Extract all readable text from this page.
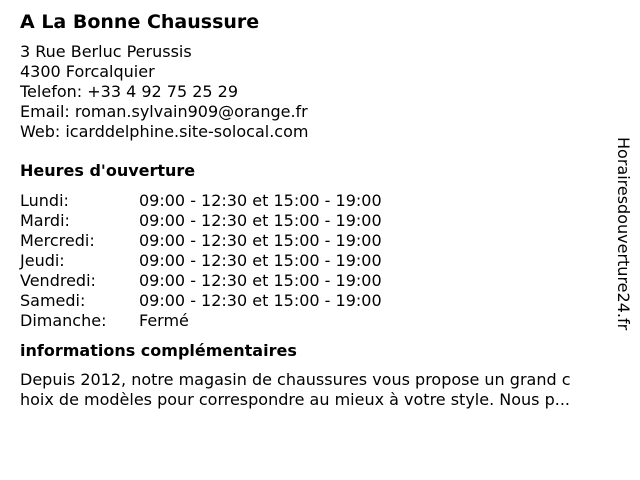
A La Bonne Chaussure
3 Rue Berluc Perussis
4300 Forcalquier
Telefon: +33 4 92 75 25 29
Email: roman.sylvain909@orange.fr
Web: icarddelphine.site-solocal.com
Heures d'ouverture
Lundi:	09:00 - 12:30 et 15:00 - 19:00
Mardi:	09:00 - 12:30 et 15:00 - 19:00
Mercredi:	09:00 - 12:30 et 15:00 - 19:00
Jeudi:	09:00 - 12:30 et 15:00 - 19:00
Vendredi:	09:00 - 12:30 et 15:00 - 19:00
Samedi:	09:00 - 12:30 et 15:00 - 19:00
Dimanche: Fermé
informations complémentaires
Depuis 2012, notre magasin de chaussures vous propose un grand c
hoix de modèles pour correspondre au mieux à votre style. Nous p...
Horairesdouverture24.fr
